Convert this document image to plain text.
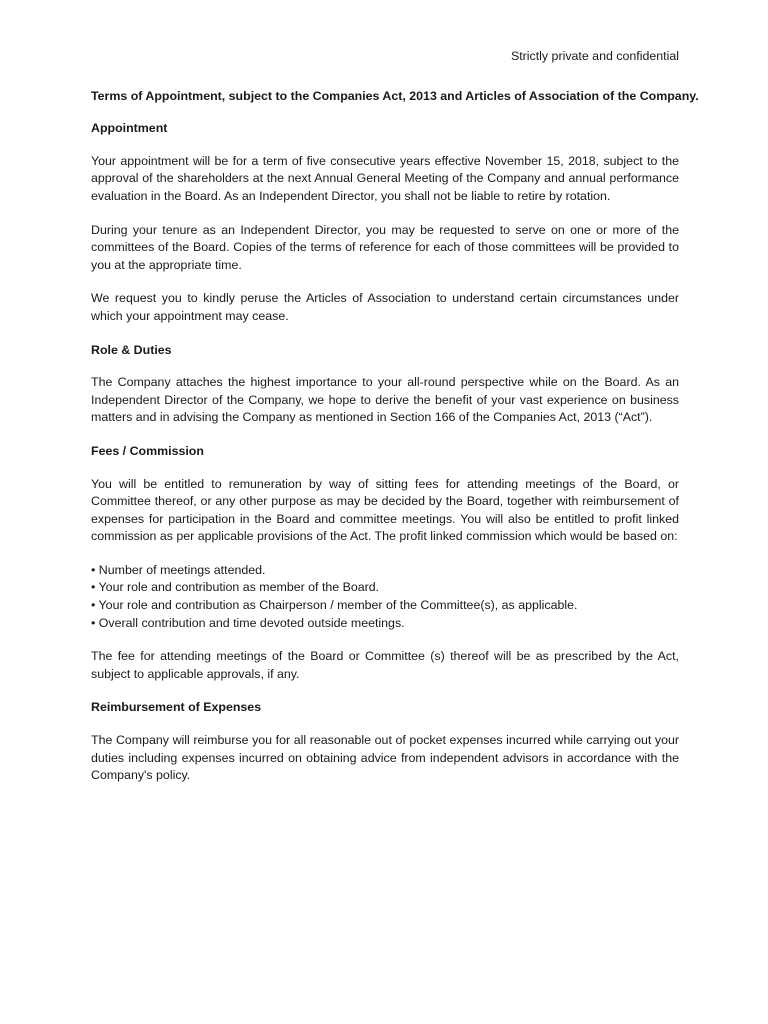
Strictly private and confidential

Terms of Appointment, subject to the Companies Act, 2013 and Articles of Association of the Company.

Appointment

Your appointment will be for a term of five consecutive years effective November 15, 2018, subject to the approval of the shareholders at the next Annual General Meeting of the Company and annual performance evaluation in the Board. As an Independent Director, you shall not be liable to retire by rotation.

During your tenure as an Independent Director, you may be requested to serve on one or more of the committees of the Board. Copies of the terms of reference for each of those committees will be provided to you at the appropriate time.

We request you to kindly peruse the Articles of Association to understand certain circumstances under which your appointment may cease.

Role & Duties

The Company attaches the highest importance to your all-round perspective while on the Board. As an Independent Director of the Company, we hope to derive the benefit of your vast experience on business matters and in advising the Company as mentioned in Section 166 of the Companies Act, 2013 (“Act”).

Fees / Commission

You will be entitled to remuneration by way of sitting fees for attending meetings of the Board, or Committee thereof, or any other purpose as may be decided by the Board, together with reimbursement of expenses for participation in the Board and committee meetings. You will also be entitled to profit linked commission as per applicable provisions of the Act. The profit linked commission which would be based on:

• Number of meetings attended.
• Your role and contribution as member of the Board.
• Your role and contribution as Chairperson / member of the Committee(s), as applicable.
• Overall contribution and time devoted outside meetings.

The fee for attending meetings of the Board or Committee (s) thereof will be as prescribed by the Act, subject to applicable approvals, if any.

Reimbursement of Expenses

The Company will reimburse you for all reasonable out of pocket expenses incurred while carrying out your duties including expenses incurred on obtaining advice from independent advisors in accordance with the Company's policy.
